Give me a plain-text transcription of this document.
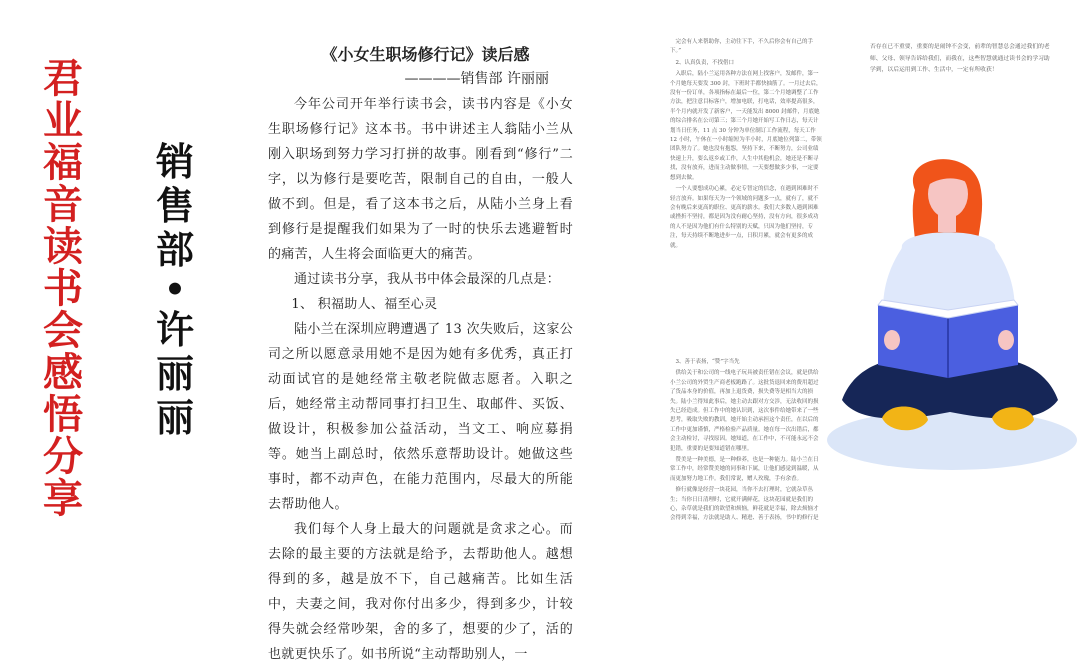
君
业
福
音
读
书
会
感
悟
分
享
销
售
部
•
许
丽
丽
《小女生职场修行记》读后感
————销售部 许丽丽

今年公司开年举行读书会，读书内容是《小女生职场修行记》这本书。书中讲述主人翁陆小兰从刚入职场到努力学习打拼的故事。刚看到“修行”二字，以为修行是要吃苦，限制自己的自由，一般人做不到。但是，看了这本书之后，从陆小兰身上看到修行是提醒我们如果为了一时的快乐去逃避暂时的痛苦，人生将会面临更大的痛苦。

通过读书分享，我从书中体会最深的几点是：

1、 积福助人、福至心灵

陆小兰在深圳应聘遭遇了 13 次失败后，这家公司之所以愿意录用她不是因为她有多优秀，真正打动面试官的是她经常主敬老院做志愿者。入职之后，她经常主动帮同事打扫卫生、取邮件、买饭、做设计，积极参加公益活动，当文工、响应募捐等。她当上副总时，依然乐意帮助设计。她做这些事时，都不动声色，在能力范围内，尽最大的所能去帮助他人。

我们每个人身上最大的问题就是贪求之心。而去除的最主要的方法就是给予，去帮助他人。越想得到的多，越是放不下，自己越痛苦。比如生活中，夫妻之间，我对你付出多少，得到多少，计较得失就会经常吵架，舍的多了，想要的少了，活的也就更快乐了。如书所说“主动帮助别人，一

完会有人来帮助你，主动往下手，不久后你会有自己的手下。”

2、认真负责，不找借口

入职后，陆小兰运用各种方法在网上找客户，发邮件，第一个月她每天要发 300 封，下班时手都快抽筋了。一月过去后，没有一份订单，各项指标在最后一位，第二个月她调整了工作方法，把注意目标客户，增加电联，打电话，效率提高很多，半个月内就开发了新客户，一天能发出 8000 封邮件，月底她的综合排名在公司第三；第三个月她开始写工作日志，每天计划当日任务，11 点 30 分钟为单位制订工作流程，每天工作 12 小时，午休在一小时缩短为半小时，月底她位列第二，带领团队努力了。她也没有抱怨，坚持下来，不断努力，公司业绩快速上升，要么返乡或工作，人生中其他机会，她还是不断寻找，没有放弃，进而主动做事情，一天要想做多少事，一定要想到去做。

一个人要想成功心累，必定专智定的信念，在遇到困难时不轻言放弃。如果每天为一个领域的问题多一点，就有了，就不会有晚后来更高的职位、更高的薪水。我们大多数人遇到困难或挫折不坚持，都是因为没有耐心坚持，没有方向，很多成功的人不是因为他们有什么特别的天赋，只因为他们坚持，专注，每天持续不断地进步一点，日积月累，就会有更多的成就。

3、善于表扬，“赞”字当先

供给关于和公司的一线电子玩具被责任错在会议，就是供给小兰公司的外贸生产商老板跑路了。这批货退回来的费用超过了货品本身的价值，再加上退货费，损失费等是相当大的损失。陆小兰得知此事后，她主动去跟对方交涉，无法收回的损失已经造成。但工作中的她认识到，这次事件给她带来了一些思考，吸取失败的教训，她开始主动承担这个责任，在以后的工作中更加谨慎，严格检验产品质量。她在每一次出错后，都会主动检讨，寻找原因。她知道，在工作中，不可能永远不会犯错，重要的是要知道错在哪里。

赞美是一种美德，是一种修养，也是一种能力。陆小兰在日常工作中，经常赞美她的同事和下属，让他们感觉到温暖，从而更加努力地工作。我们常说，赠人玫瑰，手有余香。

修行就像是经营一块花园，当你不去打理时，它就杂草丛生；当你日日清理时，它就开满鲜花，这块花园就是我们的心，杂草就是我们的欲望和烦恼，鲜花就是幸福，除去烦恼才会得到幸福，方法就是助人、精进、善于表扬，书中的修行是

否存在已不重要，重要的是闹钟不会变，前辈的智慧总会通过我们的老师、父母、领导告诉给我们，而我在，这些智慧就通过读书会的学习助学到，以后运用到工作、生活中，一定有所收获！
